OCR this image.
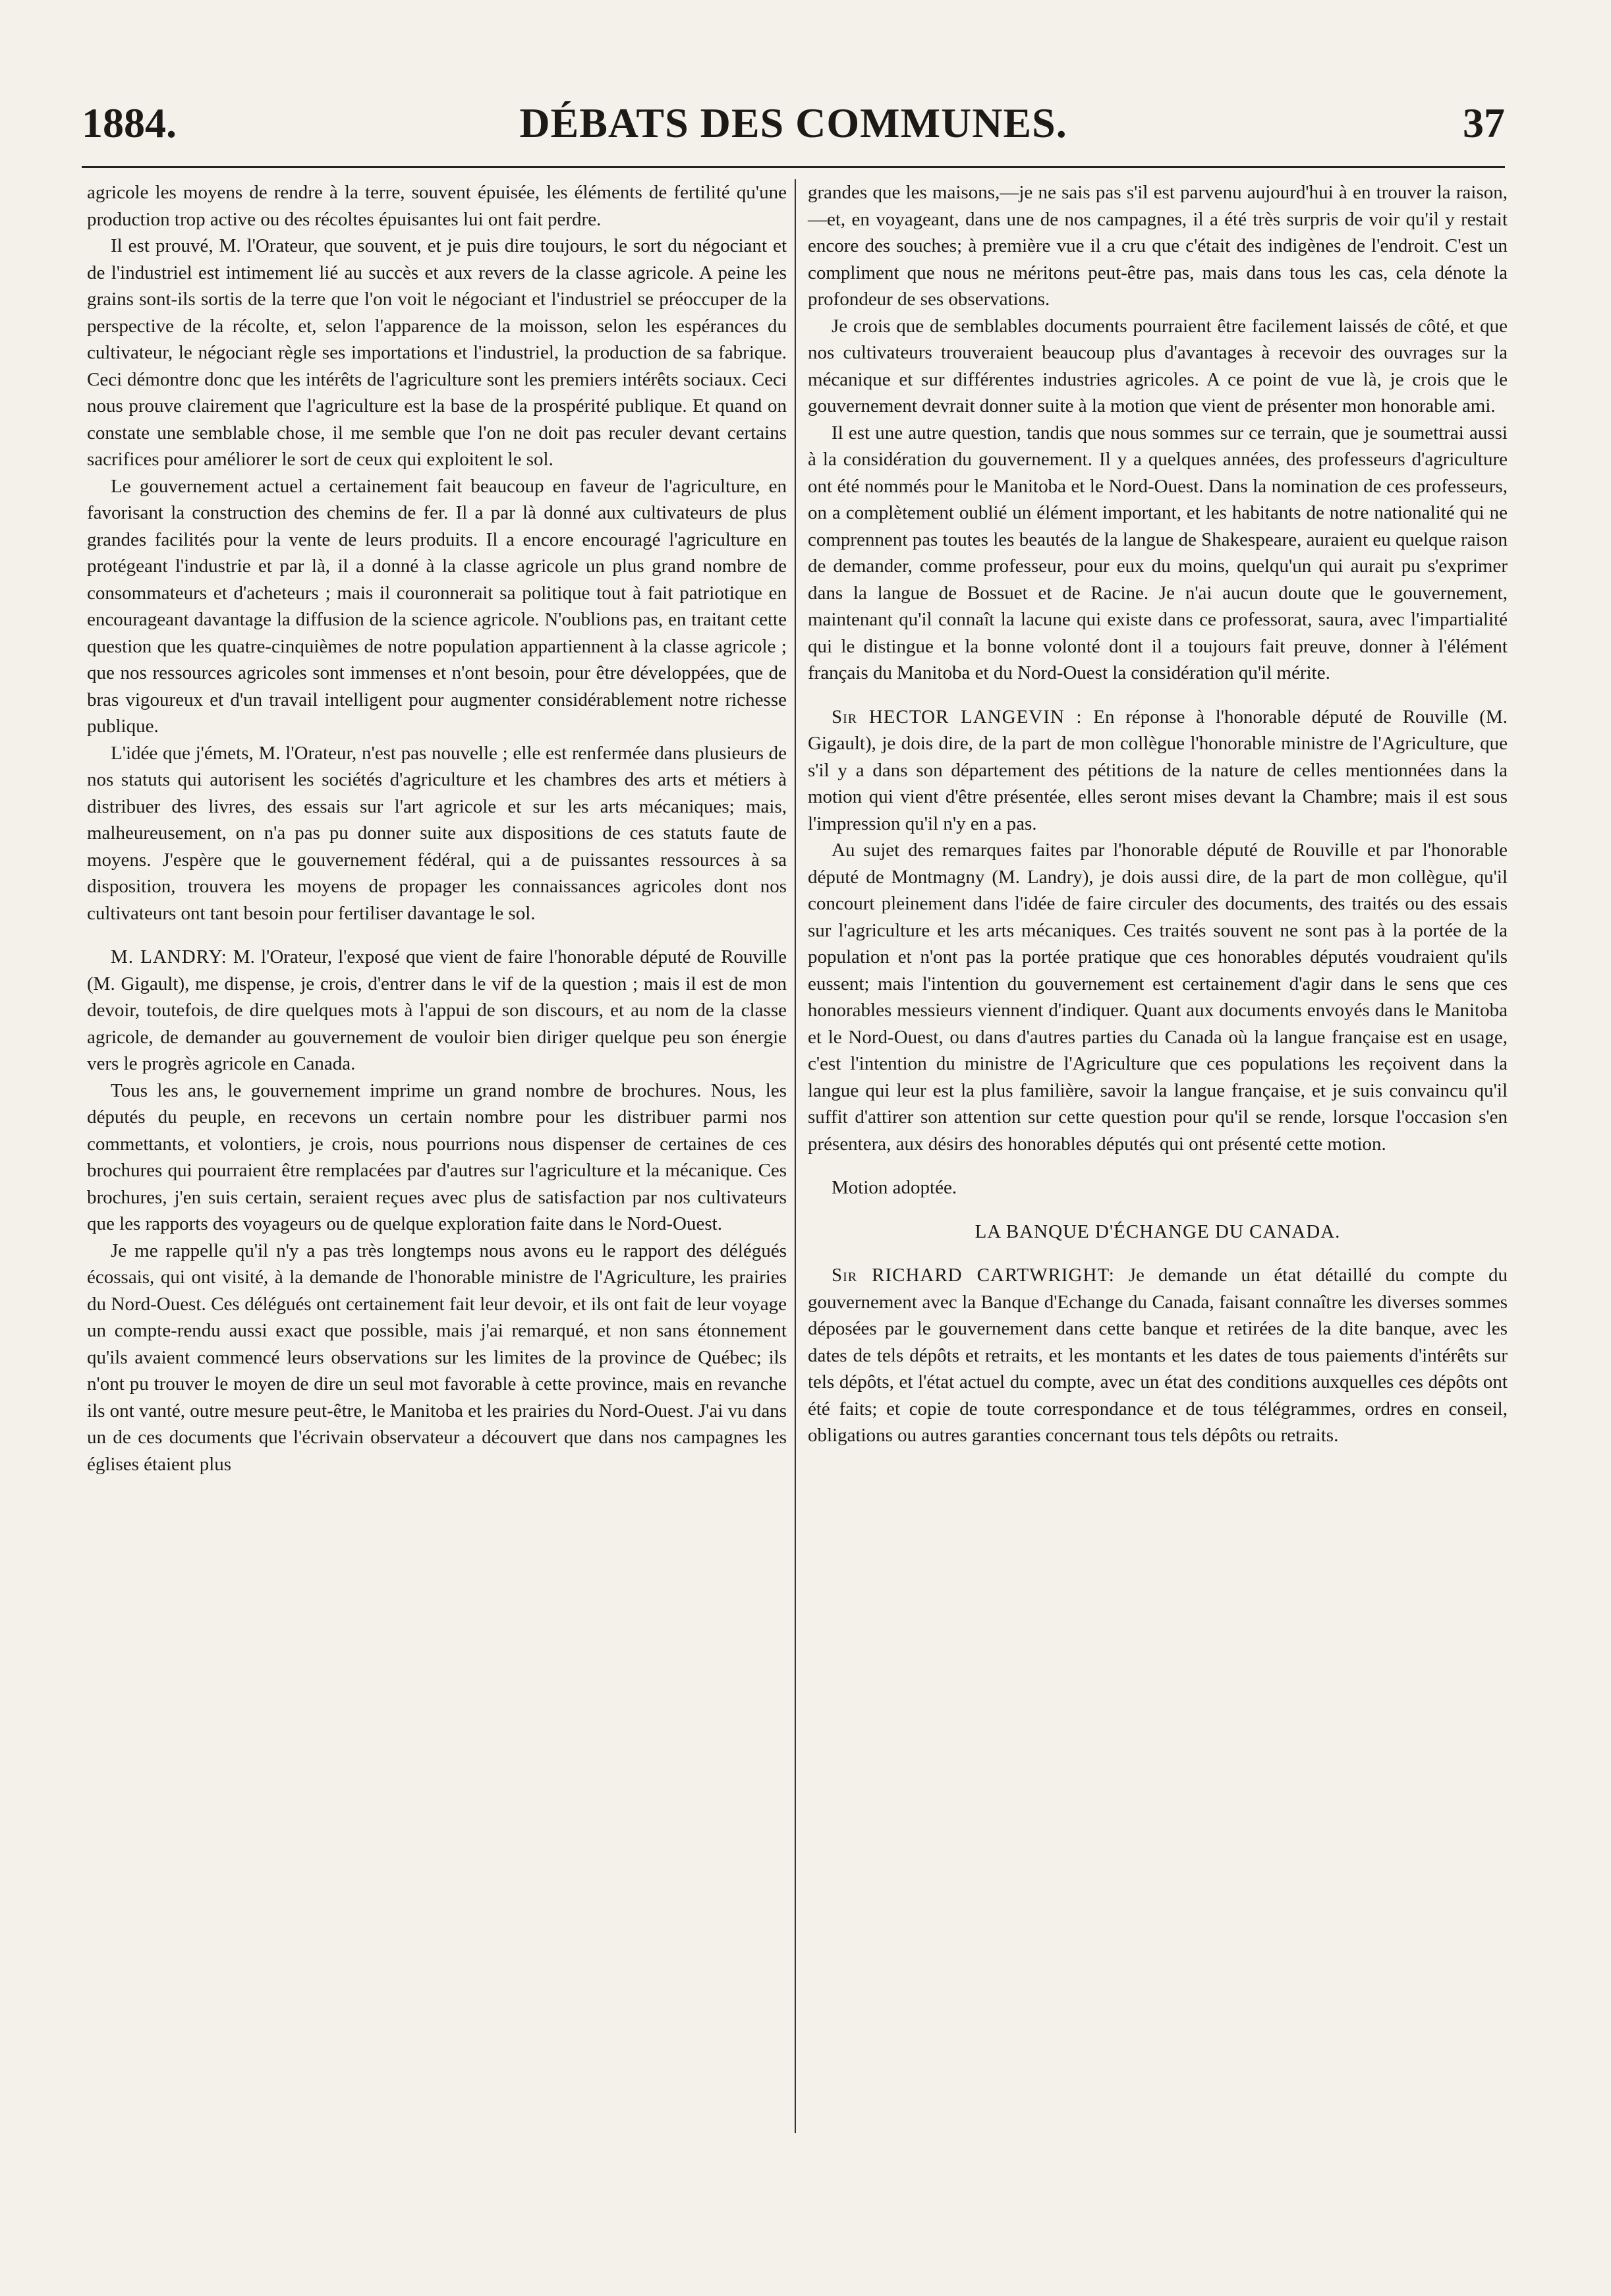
1884.	DÉBATS DES COMMUNES.	37

agricole les moyens de rendre à la terre, souvent épuisée, les éléments de fertilité qu'une production trop active ou des récoltes épuisantes lui ont fait perdre.

Il est prouvé, M. l'Orateur, que souvent, et je puis dire toujours, le sort du négociant et de l'industriel est intimement lié au succès et aux revers de la classe agricole. A peine les grains sont-ils sortis de la terre que l'on voit le négociant et l'industriel se préoccuper de la perspective de la récolte, et, selon l'apparence de la moisson, selon les espérances du cultivateur, le négociant règle ses importations et l'industriel, la production de sa fabrique. Ceci démontre donc que les intérêts de l'agriculture sont les premiers intérêts sociaux. Ceci nous prouve clairement que l'agriculture est la base de la prospérité publique. Et quand on constate une semblable chose, il me semble que l'on ne doit pas reculer devant certains sacrifices pour améliorer le sort de ceux qui exploitent le sol.

Le gouvernement actuel a certainement fait beaucoup en faveur de l'agriculture, en favorisant la construction des chemins de fer. Il a par là donné aux cultivateurs de plus grandes facilités pour la vente de leurs produits. Il a encore encouragé l'agriculture en protégeant l'industrie et par là, il a donné à la classe agricole un plus grand nombre de consommateurs et d'acheteurs ; mais il couronnerait sa politique tout à fait patriotique en encourageant davantage la diffusion de la science agricole. N'oublions pas, en traitant cette question que les quatre-cinquièmes de notre population appartiennent à la classe agricole ; que nos ressources agricoles sont immenses et n'ont besoin, pour être développées, que de bras vigoureux et d'un travail intelligent pour augmenter considérablement notre richesse publique.

L'idée que j'émets, M. l'Orateur, n'est pas nouvelle ; elle est renfermée dans plusieurs de nos statuts qui autorisent les sociétés d'agriculture et les chambres des arts et métiers à distribuer des livres, des essais sur l'art agricole et sur les arts mécaniques; mais, malheureusement, on n'a pas pu donner suite aux dispositions de ces statuts faute de moyens. J'espère que le gouvernement fédéral, qui a de puissantes ressources à sa disposition, trouvera les moyens de propager les connaissances agricoles dont nos cultivateurs ont tant besoin pour fertiliser davantage le sol.

M. LANDRY: M. l'Orateur, l'exposé que vient de faire l'honorable député de Rouville (M. Gigault), me dispense, je crois, d'entrer dans le vif de la question ; mais il est de mon devoir, toutefois, de dire quelques mots à l'appui de son discours, et au nom de la classe agricole, de demander au gouvernement de vouloir bien diriger quelque peu son énergie vers le progrès agricole en Canada.

Tous les ans, le gouvernement imprime un grand nombre de brochures. Nous, les députés du peuple, en recevons un certain nombre pour les distribuer parmi nos commettants, et volontiers, je crois, nous pourrions nous dispenser de certaines de ces brochures qui pourraient être remplacées par d'autres sur l'agriculture et la mécanique. Ces brochures, j'en suis certain, seraient reçues avec plus de satisfaction par nos cultivateurs que les rapports des voyageurs ou de quelque exploration faite dans le Nord-Ouest.

Je me rappelle qu'il n'y a pas très longtemps nous avons eu le rapport des délégués écossais, qui ont visité, à la demande de l'honorable ministre de l'Agriculture, les prairies du Nord-Ouest. Ces délégués ont certainement fait leur devoir, et ils ont fait de leur voyage un compte-rendu aussi exact que possible, mais j'ai remarqué, et non sans étonnement qu'ils avaient commencé leurs observations sur les limites de la province de Québec; ils n'ont pu trouver le moyen de dire un seul mot favorable à cette province, mais en revanche ils ont vanté, outre mesure peut-être, le Manitoba et les prairies du Nord-Ouest. J'ai vu dans un de ces documents que l'écrivain observateur a découvert que dans nos campagnes les églises étaient plus

grandes que les maisons,—je ne sais pas s'il est parvenu aujourd'hui à en trouver la raison,—et, en voyageant, dans une de nos campagnes, il a été très surpris de voir qu'il y restait encore des souches; à première vue il a cru que c'était des indigènes de l'endroit. C'est un compliment que nous ne méritons peut-être pas, mais dans tous les cas, cela dénote la profondeur de ses observations.

Je crois que de semblables documents pourraient être facilement laissés de côté, et que nos cultivateurs trouveraient beaucoup plus d'avantages à recevoir des ouvrages sur la mécanique et sur différentes industries agricoles. A ce point de vue là, je crois que le gouvernement devrait donner suite à la motion que vient de présenter mon honorable ami.

Il est une autre question, tandis que nous sommes sur ce terrain, que je soumettrai aussi à la considération du gouvernement. Il y a quelques années, des professeurs d'agriculture ont été nommés pour le Manitoba et le Nord-Ouest. Dans la nomination de ces professeurs, on a complètement oublié un élément important, et les habitants de notre nationalité qui ne comprennent pas toutes les beautés de la langue de Shakespeare, auraient eu quelque raison de demander, comme professeur, pour eux du moins, quelqu'un qui aurait pu s'exprimer dans la langue de Bossuet et de Racine. Je n'ai aucun doute que le gouvernement, maintenant qu'il connaît la lacune qui existe dans ce professorat, saura, avec l'impartialité qui le distingue et la bonne volonté dont il a toujours fait preuve, donner à l'élément français du Manitoba et du Nord-Ouest la considération qu'il mérite.

Sir HECTOR LANGEVIN : En réponse à l'honorable député de Rouville (M. Gigault), je dois dire, de la part de mon collègue l'honorable ministre de l'Agriculture, que s'il y a dans son département des pétitions de la nature de celles mentionnées dans la motion qui vient d'être présentée, elles seront mises devant la Chambre; mais il est sous l'impression qu'il n'y en a pas.

Au sujet des remarques faites par l'honorable député de Rouville et par l'honorable député de Montmagny (M. Landry), je dois aussi dire, de la part de mon collègue, qu'il concourt pleinement dans l'idée de faire circuler des documents, des traités ou des essais sur l'agriculture et les arts mécaniques. Ces traités souvent ne sont pas à la portée de la population et n'ont pas la portée pratique que ces honorables députés voudraient qu'ils eussent; mais l'intention du gouvernement est certainement d'agir dans le sens que ces honorables messieurs viennent d'indiquer. Quant aux documents envoyés dans le Manitoba et le Nord-Ouest, ou dans d'autres parties du Canada où la langue française est en usage, c'est l'intention du ministre de l'Agriculture que ces populations les reçoivent dans la langue qui leur est la plus familière, savoir la langue française, et je suis convaincu qu'il suffit d'attirer son attention sur cette question pour qu'il se rende, lorsque l'occasion s'en présentera, aux désirs des honorables députés qui ont présenté cette motion.

Motion adoptée.

LA BANQUE D'ÉCHANGE DU CANADA.

Sir RICHARD CARTWRIGHT: Je demande un état détaillé du compte du gouvernement avec la Banque d'Echange du Canada, faisant connaître les diverses sommes déposées par le gouvernement dans cette banque et retirées de la dite banque, avec les dates de tels dépôts et retraits, et les montants et les dates de tous paiements d'intérêts sur tels dépôts, et l'état actuel du compte, avec un état des conditions auxquelles ces dépôts ont été faits; et copie de toute correspondance et de tous télégrammes, ordres en conseil, obligations ou autres garanties concernant tous tels dépôts ou retraits.
